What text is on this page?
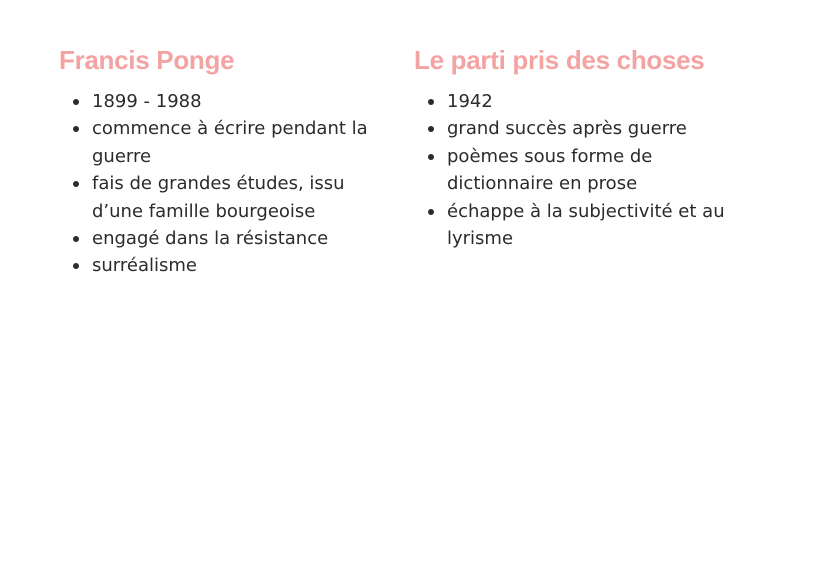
Francis Ponge
1899 - 1988
commence à écrire pendant la guerre
fais de grandes études, issu d’une famille bourgeoise
engagé dans la résistance
surréalisme
Le parti pris des choses
1942
grand succès après guerre
poèmes sous forme de dictionnaire en prose
échappe à la subjectivité et au lyrisme
